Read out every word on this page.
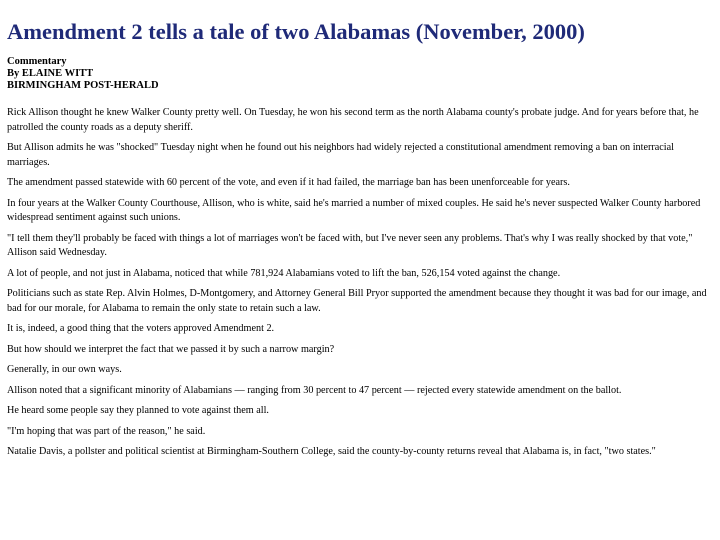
Amendment 2 tells a tale of two Alabamas (November, 2000)
Commentary
By ELAINE WITT
BIRMINGHAM POST-HERALD

Rick Allison thought he knew Walker County pretty well. On Tuesday, he won his second term as the north Alabama county's probate judge. And for years before that, he patrolled the county roads as a deputy sheriff.

But Allison admits he was "shocked" Tuesday night when he found out his neighbors had widely rejected a constitutional amendment removing a ban on interracial marriages.

The amendment passed statewide with 60 percent of the vote, and even if it had failed, the marriage ban has been unenforceable for years.

In four years at the Walker County Courthouse, Allison, who is white, said he's married a number of mixed couples. He said he's never suspected Walker County harbored widespread sentiment against such unions.

"I tell them they'll probably be faced with things a lot of marriages won't be faced with, but I've never seen any problems. That's why I was really shocked by that vote," Allison said Wednesday.

A lot of people, and not just in Alabama, noticed that while 781,924 Alabamians voted to lift the ban, 526,154 voted against the change.

Politicians such as state Rep. Alvin Holmes, D-Montgomery, and Attorney General Bill Pryor supported the amendment because they thought it was bad for our image, and bad for our morale, for Alabama to remain the only state to retain such a law.

It is, indeed, a good thing that the voters approved Amendment 2.

But how should we interpret the fact that we passed it by such a narrow margin?

Generally, in our own ways.

Allison noted that a significant minority of Alabamians — ranging from 30 percent to 47 percent — rejected every statewide amendment on the ballot.

He heard some people say they planned to vote against them all.

"I'm hoping that was part of the reason," he said.

Natalie Davis, a pollster and political scientist at Birmingham-Southern College, said the county-by-county returns reveal that Alabama is, in fact, "two states."
